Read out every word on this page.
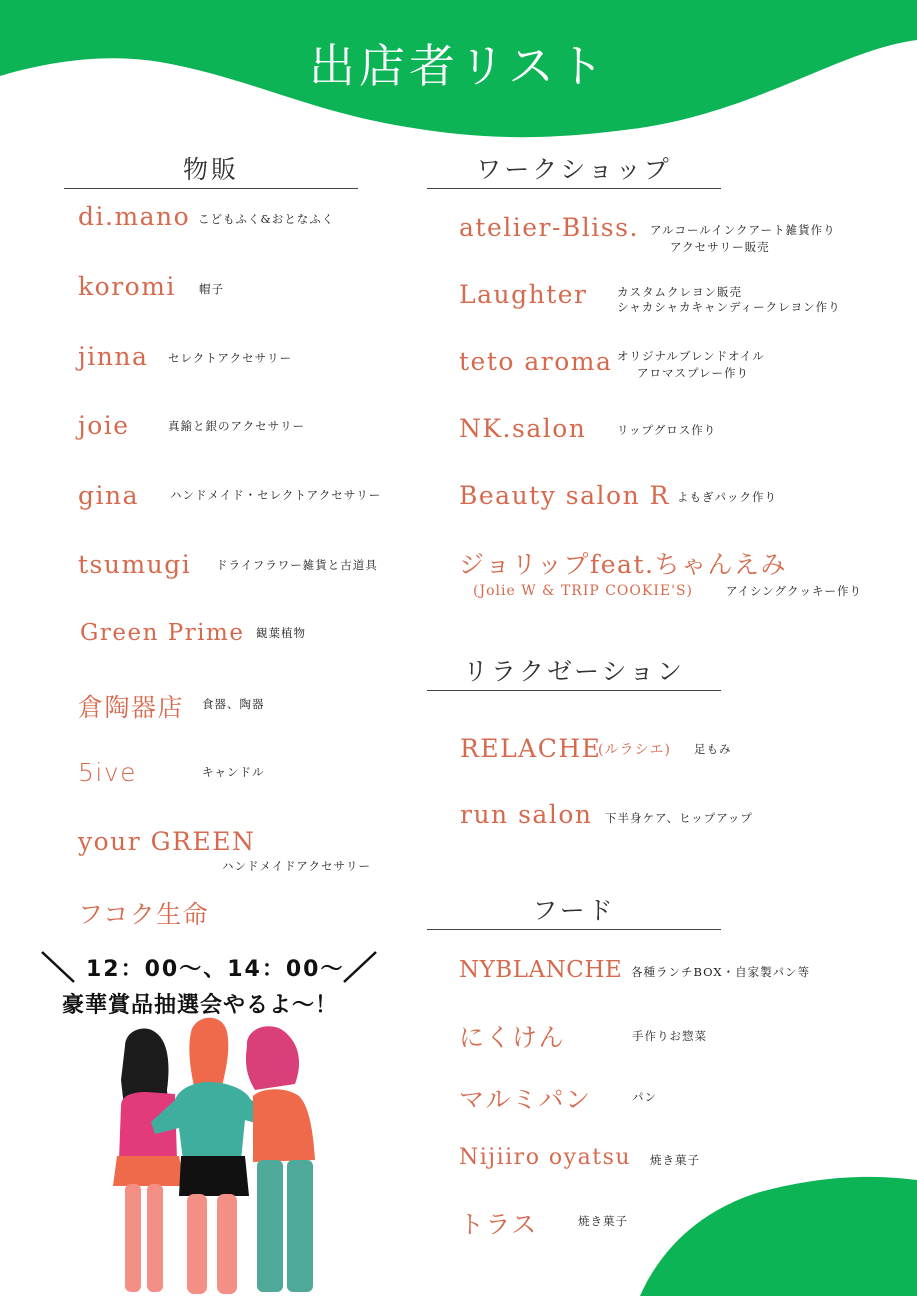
出店者リスト
物販
di.mano こどもふく&おとなふく
koromi 帽子
jinna セレクトアクセサリー
joie	真鍮と銀のアクセサリー
gina	ハンドメイド・セレクトアクセサリー
tsumugi ドライフラワー雑貨と古道具
Green Prime 観葉植物
倉陶器店 食器、陶器
5ive	キャンドル
your GREEN
ハンドメイドアクセサリー
フコク生命
12：00～、14：00～
豪華賞品抽選会やるよ～！
ワークショップ
atelier-Bliss. アルコールインクアート雑貨作り
アクセサリー販売
Laughter	カスタムクレヨン販売
シャカシャカキャンディークレヨン作り
teto aroma オリジナルブレンドオイル
アロマスプレー作り
NK.salon	リップグロス作り
Beauty salon R よもぎパック作り
ジョリップfeat.ちゃんえみ
(Jolie W & TRIP COOKIE'S)	アイシングクッキー作り
リラクゼーション
RELACHE
(ルラシエ) 足もみ
run salon 下半身ケア、ヒップアップ
フード
NYBLANCHE 各種ランチBOX・自家製パン等
にくけん	手作りお惣菜
マルミパン	パン
Nijiiro oyatsu 焼き菓子
トラス	焼き菓子
